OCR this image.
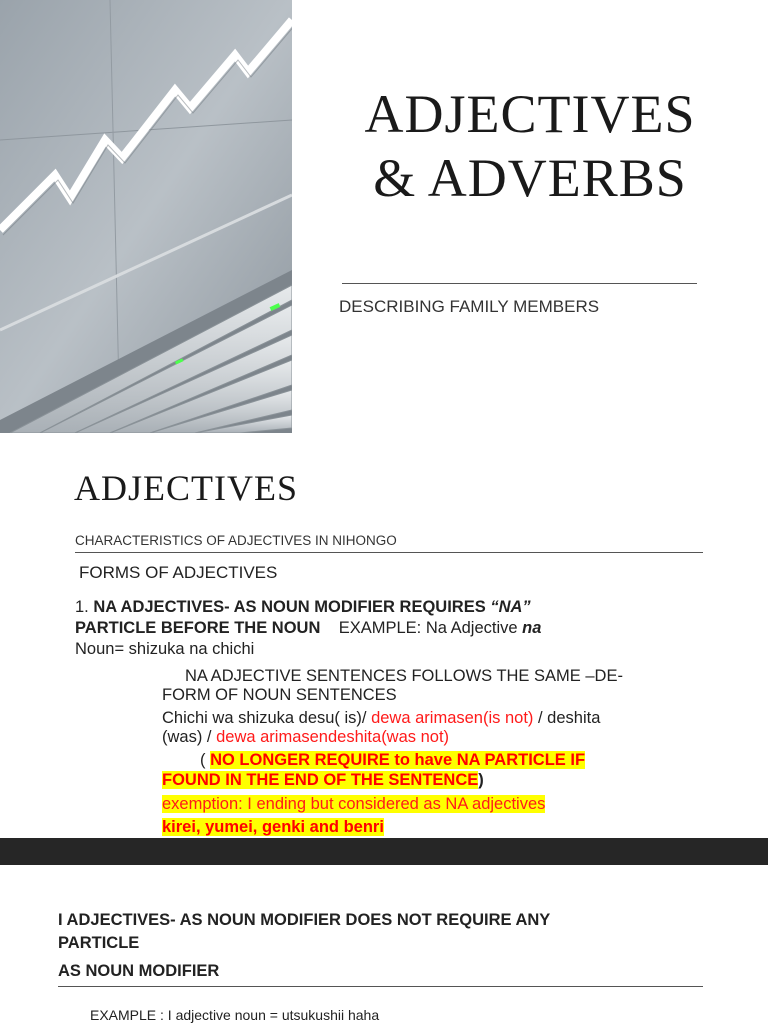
ADJECTIVES
& ADVERBS
DESCRIBING FAMILY MEMBERS
ADJECTIVES
CHARACTERISTICS OF ADJECTIVES IN NIHONGO
FORMS OF ADJECTIVES
1. NA ADJECTIVES- AS NOUN MODIFIER REQUIRES “NA”
PARTICLE BEFORE THE NOUN EXAMPLE: Na Adjective na
Noun= shizuka na chichi
NA ADJECTIVE SENTENCES FOLLOWS THE SAME –DE-
FORM OF NOUN SENTENCES
Chichi wa shizuka desu( is)/ dewa arimasen(is not) / deshita
(was) / dewa arimasendeshita(was not)
( NO LONGER REQUIRE to have NA PARTICLE IF
FOUND IN THE END OF THE SENTENCE)
exemption: I ending but considered as NA adjectives
kirei, yumei, genki and benri
I ADJECTIVES- AS NOUN MODIFIER DOES NOT REQUIRE ANY
PARTICLE
AS NOUN MODIFIER
EXAMPLE : I adjective noun = utsukushii haha
